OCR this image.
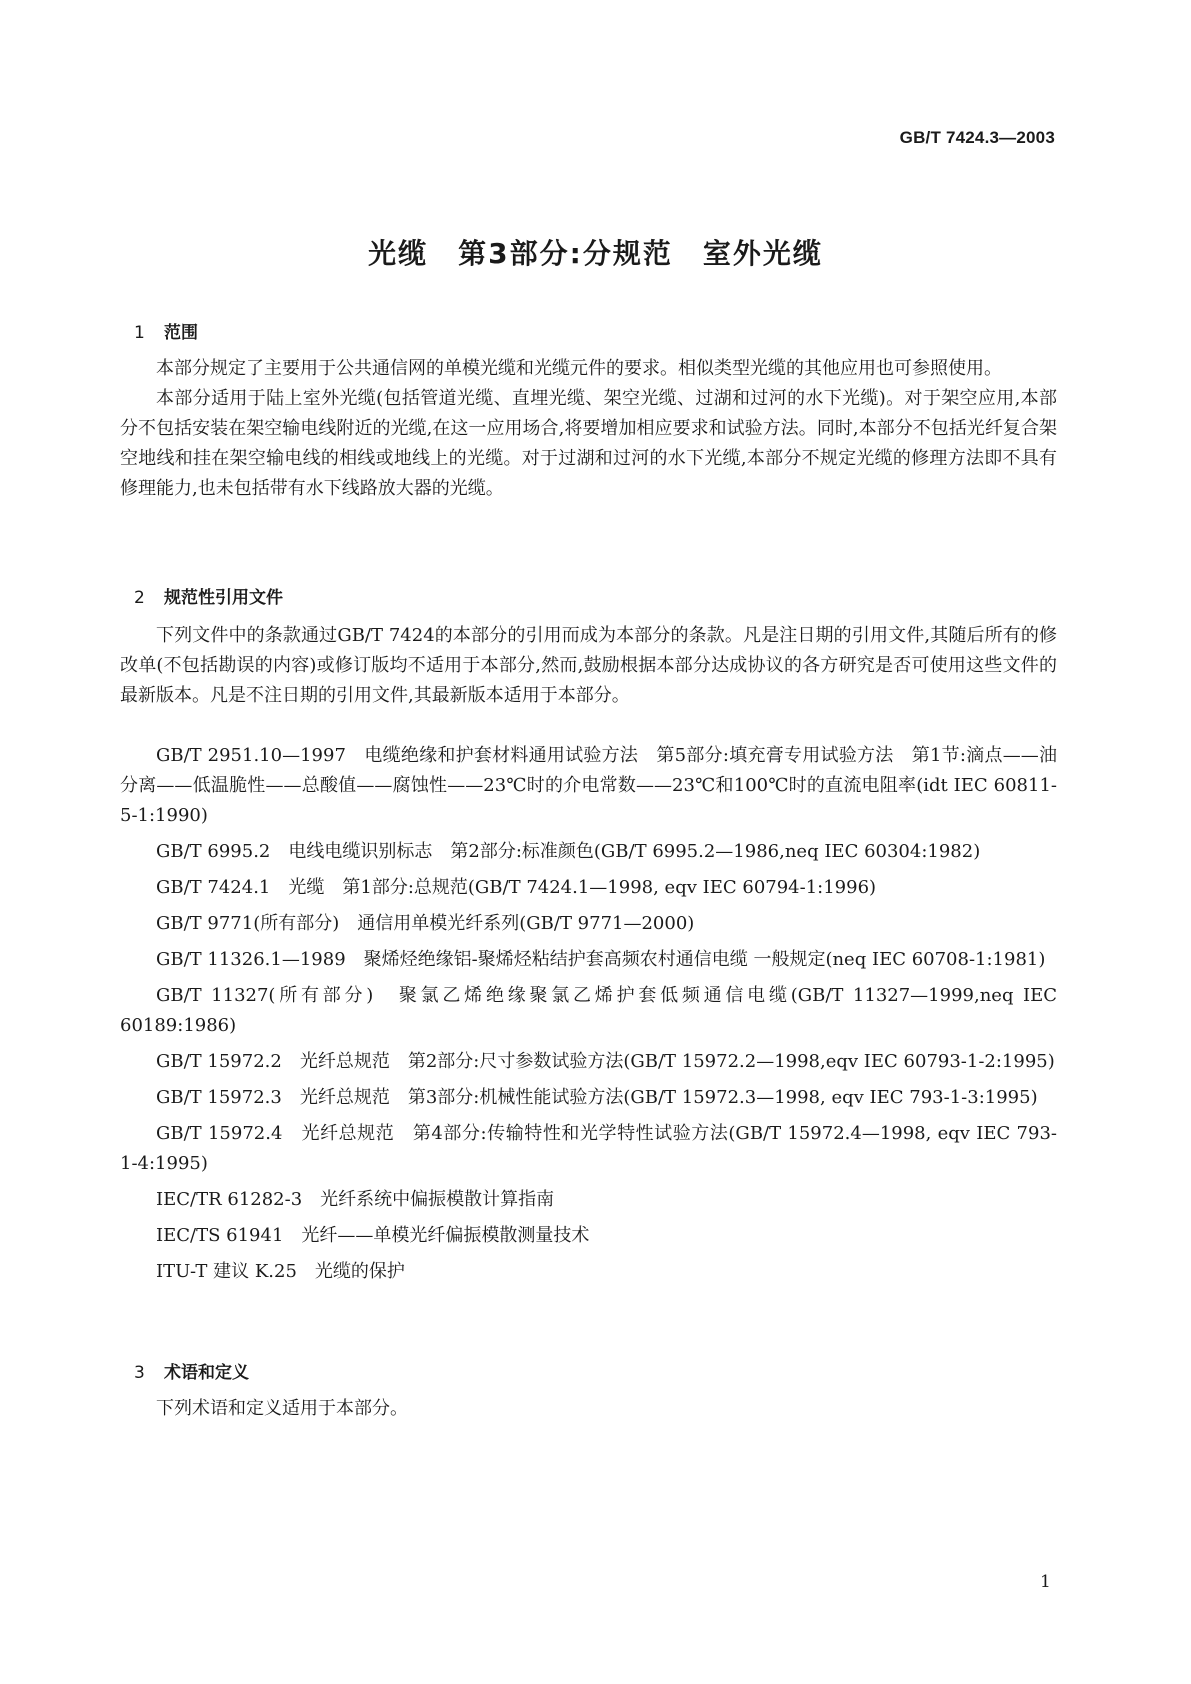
GB/T 7424.3—2003
光缆　第3部分:分规范　室外光缆
1 范围

本部分规定了主要用于公共通信网的单模光缆和光缆元件的要求。相似类型光缆的其他应用也可参照使用。

本部分适用于陆上室外光缆(包括管道光缆、直埋光缆、架空光缆、过湖和过河的水下光缆)。对于架空应用,本部分不包括安装在架空输电线附近的光缆,在这一应用场合,将要增加相应要求和试验方法。同时,本部分不包括光纤复合架空地线和挂在架空输电线的相线或地线上的光缆。对于过湖和过河的水下光缆,本部分不规定光缆的修理方法即不具有修理能力,也未包括带有水下线路放大器的光缆。

2 规范性引用文件

下列文件中的条款通过GB/T 7424的本部分的引用而成为本部分的条款。凡是注日期的引用文件,其随后所有的修改单(不包括勘误的内容)或修订版均不适用于本部分,然而,鼓励根据本部分达成协议的各方研究是否可使用这些文件的最新版本。凡是不注日期的引用文件,其最新版本适用于本部分。

GB/T 2951.10—1997　电缆绝缘和护套材料通用试验方法　第5部分:填充膏专用试验方法　第1节:滴点——油分离——低温脆性——总酸值——腐蚀性——23℃时的介电常数——23℃和100℃时的直流电阻率(idt IEC 60811-5-1:1990)

GB/T 6995.2　电线电缆识别标志　第2部分:标准颜色(GB/T 6995.2—1986,neq IEC 60304:1982)

GB/T 7424.1　光缆　第1部分:总规范(GB/T 7424.1—1998, eqv IEC 60794-1:1996)

GB/T 9771(所有部分)　通信用单模光纤系列(GB/T 9771—2000)

GB/T 11326.1—1989　聚烯烃绝缘铝-聚烯烃粘结护套高频农村通信电缆 一般规定(neq IEC 60708-1:1981)

GB/T 11327(所有部分)　聚氯乙烯绝缘聚氯乙烯护套低频通信电缆(GB/T 11327—1999,neq IEC 60189:1986)

GB/T 15972.2　光纤总规范　第2部分:尺寸参数试验方法(GB/T 15972.2—1998,eqv IEC 60793-1-2:1995)

GB/T 15972.3　光纤总规范　第3部分:机械性能试验方法(GB/T 15972.3—1998, eqv IEC 793-1-3:1995)

GB/T 15972.4　光纤总规范　第4部分:传输特性和光学特性试验方法(GB/T 15972.4—1998, eqv IEC 793-1-4:1995)

IEC/TR 61282-3　光纤系统中偏振模散计算指南

IEC/TS 61941　光纤——单模光纤偏振模散测量技术

ITU-T 建议 K.25　光缆的保护

3 术语和定义

下列术语和定义适用于本部分。

1
